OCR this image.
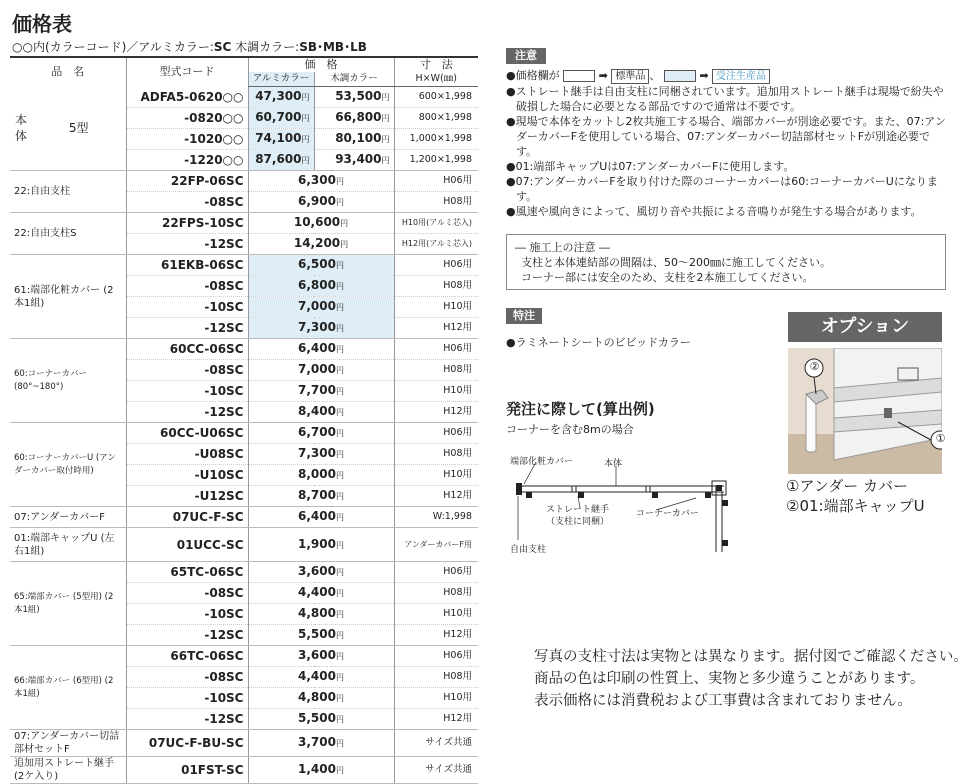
価格表
○○内(カラーコード)／アルミカラー:SC 木調カラー:SB･MB･LB
品　名		型式コード	価　格		寸　法
			アルミカラー	木調カラー	H×W(㎜)
本体	5型	ADFA5-0620○○	47,300円	53,500円	600×1,998
		-0820○○	60,700円	66,800円	800×1,998
		-1020○○	74,100円	80,100円	1,000×1,998
		-1220○○	87,600円	93,400円	1,200×1,998
22:自由支柱		22FP-06SC	6,300円		H06用
		-08SC	6,900円		H08用
22:自由支柱S		22FPS-10SC	10,600円		H10用(アルミ芯入)
		-12SC	14,200円		H12用(アルミ芯入)
61:端部化粧カバー (2本1組)		61EKB-06SC	6,500円		H06用
		-08SC	6,800円		H08用
		-10SC	7,000円		H10用
		-12SC	7,300円		H12用
60:コーナーカバー (80°~180°)		60CC-06SC	6,400円		H06用
		-08SC	7,000円		H08用
		-10SC	7,700円		H10用
		-12SC	8,400円		H12用
60:コーナーカバーU (アンダーカバー取付時用)		60CC-U06SC	6,700円		H06用
		-U08SC	7,300円		H08用
		-U10SC	8,000円		H10用
		-U12SC	8,700円		H12用
07:アンダーカバーF		07UC-F-SC	6,400円		W:1,998
01:端部キャップU (左右1組)		01UCC-SC	1,900円		アンダーカバーF用
65:端部カバー (5型用) (2本1組)		65TC-06SC	3,600円		H06用
		-08SC	4,400円		H08用
		-10SC	4,800円		H10用
		-12SC	5,500円		H12用
66:端部カバー (6型用) (2本1組)		66TC-06SC	3,600円		H06用
		-08SC	4,400円		H08用
		-10SC	4,800円		H10用
		-12SC	5,500円		H12用
07:アンダーカバー切詰部材セットF		07UC-F-BU-SC	3,700円		サイズ共通
追加用ストレート継手(2ケ入り)		01FST-SC	1,400円		サイズ共通
注意

●価格欄が	➡ 標準品 、	➡ 受注生産品

●ストレート継手は自由支柱に同梱されています。追加用ストレート継手は現場で紛失や破損した場合に必要となる部品ですので通常は不要です。

●現場で本体をカットし2枚共施工する場合、端部カバーが別途必要です。また、07:アンダーカバーFを使用している場合、07:アンダーカバー切詰部材セットFが別途必要です。

●01:端部キャップUは07:アンダーカバーFに使用します。

●07:アンダーカバーFを取り付けた際のコーナーカバーは60:コーナーカバーUになります。

●風速や風向きによって、風切り音や共振による音鳴りが発生する場合があります。

― 施工上の注意 ―
支柱と本体連結部の間隔は、50～200㎜に施工してください。
コーナー部には安全のため、支柱を2本施工してください。
特注
●ラミネートシートのビビッドカラー
発注に際して(算出例)
コーナーを含む8mの場合
端部化粧カバー	本体
ストレート継手
（支柱に同梱）
コーナーカバー
自由支柱
オプション
②
①
①アンダー カバー
②01:端部キャップU
写真の支柱寸法は実物とは異なります。据付図でご確認ください。
商品の色は印刷の性質上、実物と多少違うことがあります。
表示価格には消費税および工事費は含まれておりません。
